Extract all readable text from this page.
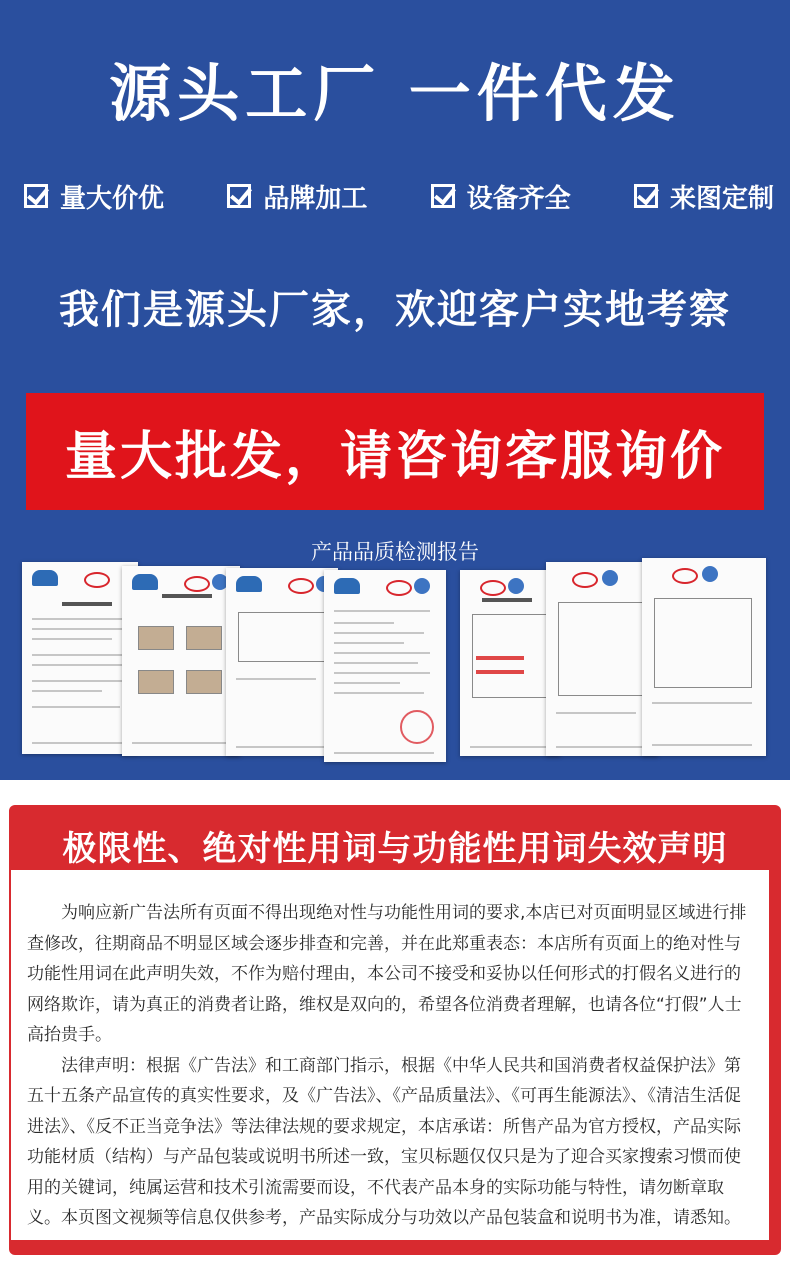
源头工厂 一件代发
量大价优	品牌加工	设备齐全	来图定制
我们是源头厂家，欢迎客户实地考察
量大批发，请咨询客服询价
产品品质检测报告
极限性、绝对性用词与功能性用词失效声明

为响应新广告法所有页面不得出现绝对性与功能性用词的要求,本店已对页面明显区域进行排查修改，往期商品不明显区域会逐步排查和完善，并在此郑重表态：本店所有页面上的绝对性与功能性用词在此声明失效，不作为赔付理由，本公司不接受和妥协以任何形式的打假名义进行的网络欺诈，请为真正的消费者让路，维权是双向的，希望各位消费者理解，也请各位“打假”人士高抬贵手。

法律声明：根据《广告法》和工商部门指示，根据《中华人民共和国消费者权益保护法》第五十五条产品宣传的真实性要求，及《广告法》、《产品质量法》、《可再生能源法》、《清洁生活促进法》、《反不正当竞争法》等法律法规的要求规定，本店承诺：所售产品为官方授权，产品实际功能材质（结构）与产品包装或说明书所述一致，宝贝标题仅仅只是为了迎合买家搜索习惯而使用的关键词，纯属运营和技术引流需要而设，不代表产品本身的实际功能与特性，请勿断章取义。本页图文视频等信息仅供参考，产品实际成分与功效以产品包装盒和说明书为准，请悉知。
